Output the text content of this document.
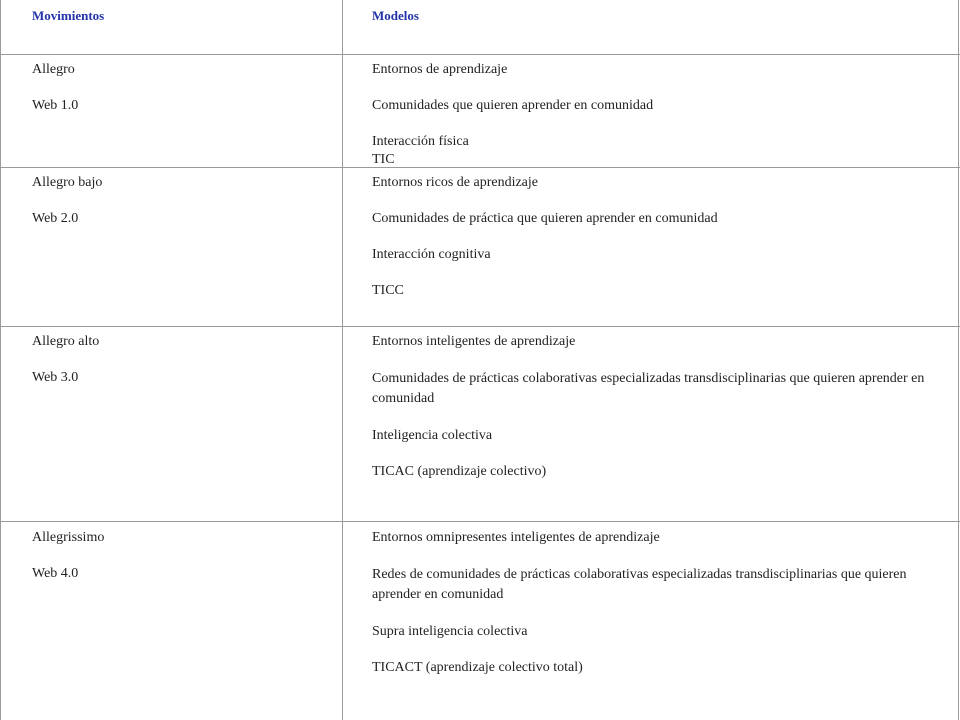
Movimientos	Modelos
Allegro
Web 1.0
Entornos de aprendizaje
Comunidades que quieren aprender en comunidad
Interacción física
TIC
Allegro bajo
Web 2.0
Entornos ricos de aprendizaje
Comunidades de práctica que quieren aprender en comunidad
Interacción cognitiva
TICC
Allegro alto
Web 3.0
Entornos inteligentes de aprendizaje
Comunidades de prácticas colaborativas especializadas transdisciplinarias que quieren aprender en comunidad
Inteligencia colectiva
TICAC (aprendizaje colectivo)
Allegrissimo
Web 4.0
Entornos omnipresentes inteligentes de aprendizaje
Redes de comunidades de prácticas colaborativas especializadas transdisciplinarias que quieren aprender en comunidad
Supra inteligencia colectiva
TICACT (aprendizaje colectivo total)
